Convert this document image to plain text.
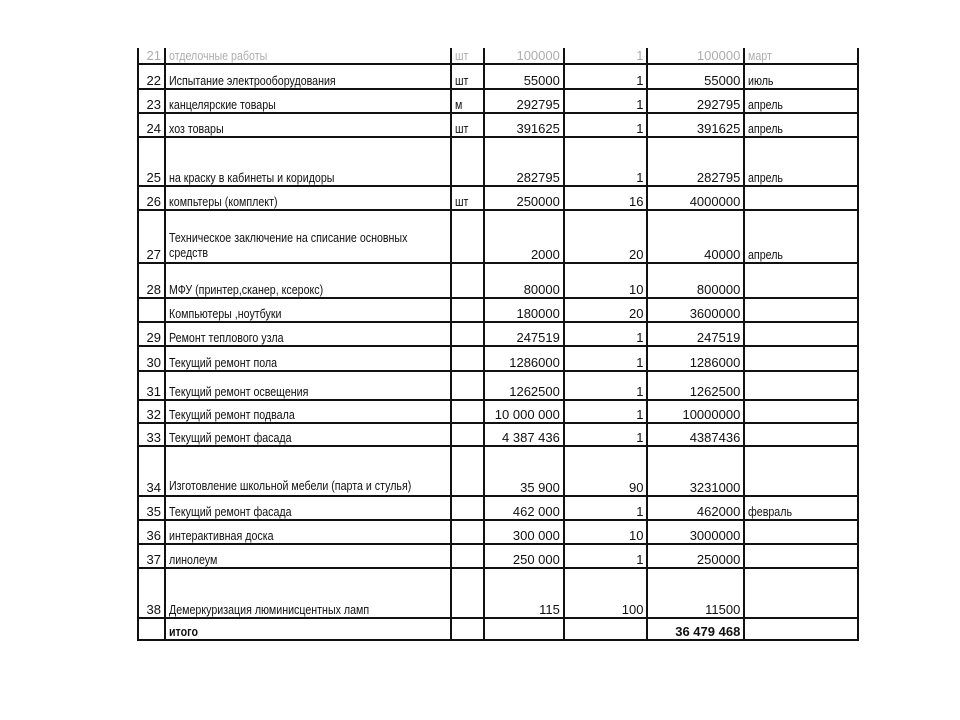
21	отделочные работы	шт	100000	1	100000	март
22	Испытание электрооборудования	шт	55000	1	55000	июль
23	канцелярские товары	м	292795	1	292795	апрель
24	хоз товары	шт	391625	1	391625	апрель
25	на краску в кабинеты и коридоры		282795	1	282795	апрель
26	компьтеры (комплект)	шт	250000	16	4000000	
27	Техническое заключение на списание основных средств		2000	20	40000	апрель
28	МФУ (принтер,сканер, ксерокс)		80000	10	800000	
	Компьютеры ,ноутбуки		180000	20	3600000	
29	Ремонт теплового узла		247519	1	247519	
30	Текущий ремонт пола		1286000	1	1286000	
31	Текущий ремонт освещения		1262500	1	1262500	
32	Текущий ремонт подвала		10 000 000	1	10000000	
33	Текущий ремонт фасада		4 387 436	1	4387436	
34	Изготовление школьной мебели (парта и стулья)		35 900	90	3231000	
35	Текущий ремонт фасада		462 000	1	462000	февраль
36	интерактивная доска		300 000	10	3000000	
37	линолеум		250 000	1	250000	
38	Демеркуризация люминисцентных ламп		115	100	11500	
	итого				36 479 468	
